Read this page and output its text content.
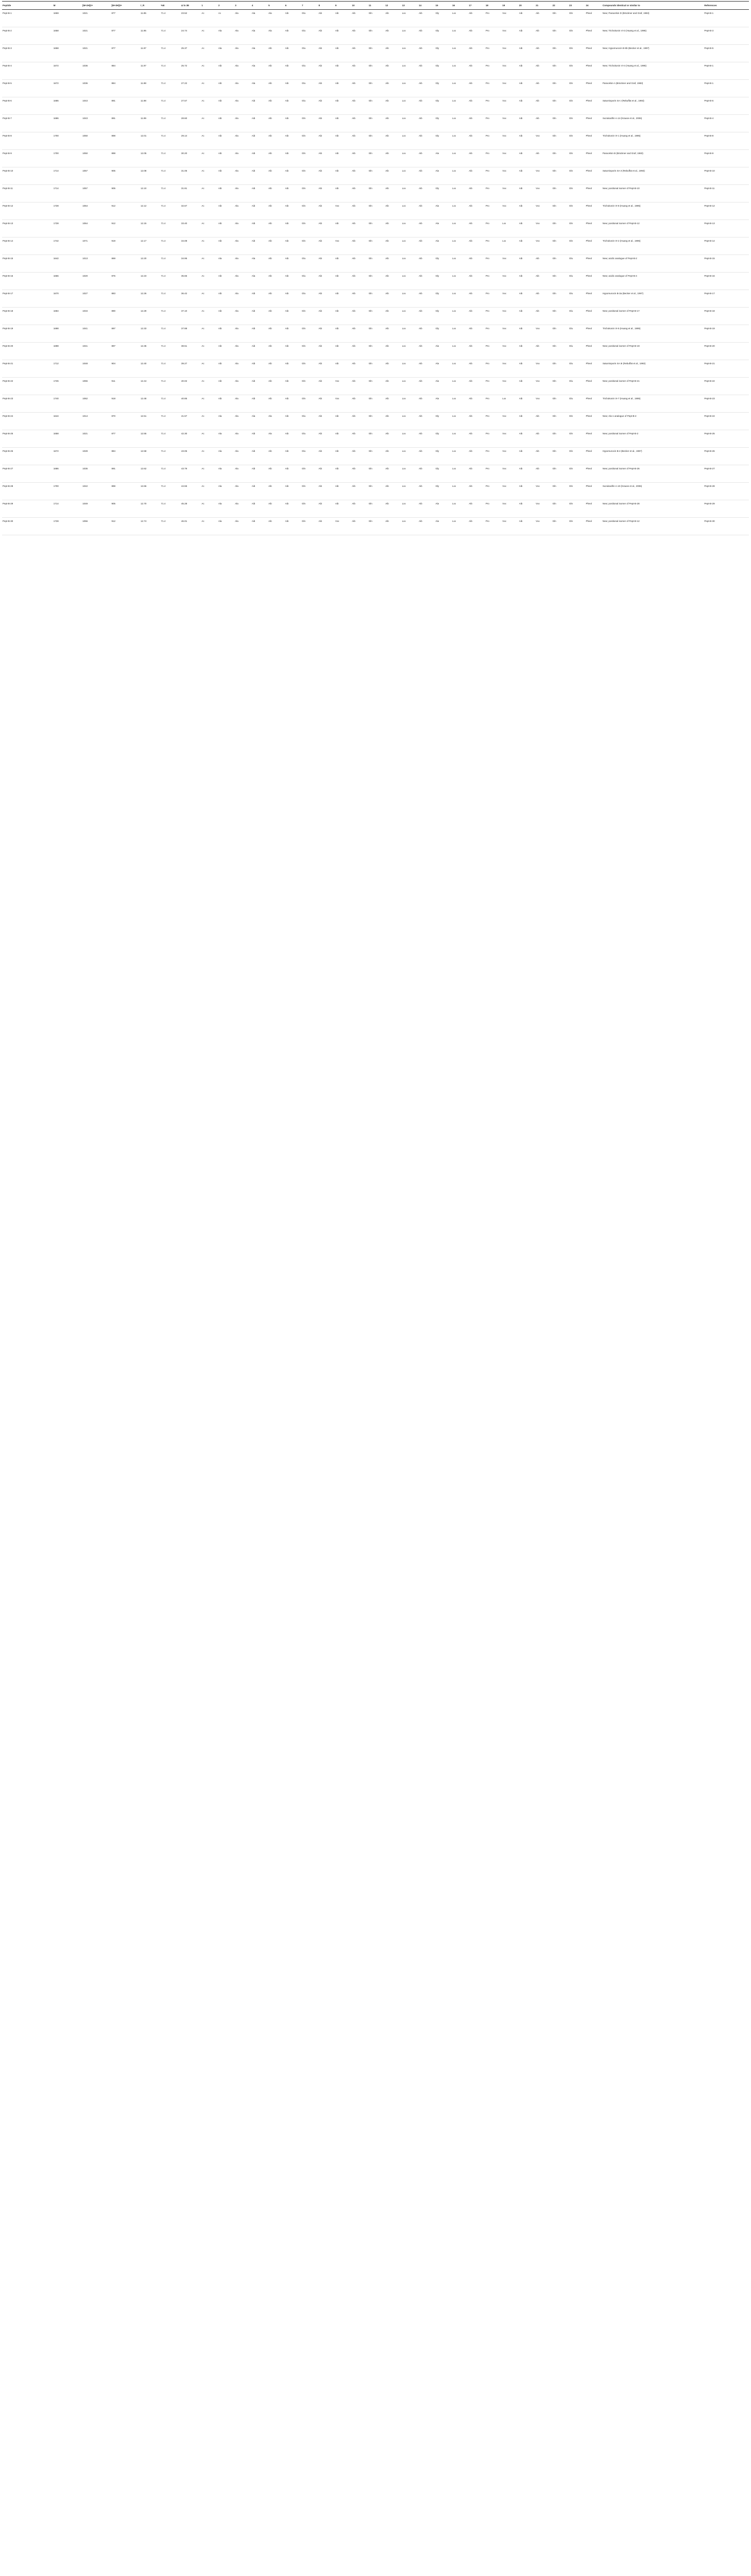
Peptide	M	[M+2H]2+	[M+3H]3+	t_R	%E	Δ lo 3E	1	2	3	4	5	6	7	8	9	10	11	12	13	14	15	16	17	18	19	20	21	22	23	24	Compounds identical or similar to	References
Pept-B-1	1659	1021	877	11.85	71.4	23.52	Ac	Ac	Ala	Ala	Ala	Aib	Glu	Aib	Aib	Aib	Gln	Aib	Lxx	Aib	Gly	Lxx	Aib	Pro	Vxx	Aib	Aib	Gln	Gln	Pheol	New; Paracelsin D (Brückner and Graf, 1983)	Pept-B-1
Pept-B-2	1658	1021	877	11.95	71.4	24.74	Ac	Ala	Ala	Ala	Ala	Aib	Glu	Aib	Aib	Aib	Gln	Aib	Lxx	Aib	Gly	Lxx	Aib	Pro	Vxx	Aib	Aib	Gln	Gln	Pheol	New; Trichokonin VI-3 (Huang et al., 1995)	Pept-B-3
Pept-B-3	1658	1021	877	11.97	71.4	25.37	Ac	Ala	Ala	Ala	Aib	Aib	Glu	Aib	Aib	Aib	Gln	Aib	Lxx	Aib	Gly	Lxx	Aib	Pro	Vxx	Aib	Aib	Gln	Gln	Pheol	New; Hypomurocin B-5b (Becker et al., 1997)	Pept-B-5
Pept-B-4	1672	1036	884	11.97	71.4	25.72	Ac	Aib	Ala	Ala	Aib	Aib	Glu	Aib	Aib	Aib	Gln	Aib	Lxx	Aib	Gly	Lxx	Aib	Pro	Vxx	Aib	Aib	Gln	Gln	Pheol	New; Trichokonin VI-4 (Huang et al., 1995)	Pept-B-1
Pept-B-5	1672	1036	884	11.98	71.4	27.22	Ac	Aib	Ala	Ala	Aib	Aib	Glu	Aib	Aib	Aib	Gln	Aib	Lxx	Aib	Gly	Lxx	Aib	Pro	Vxx	Aib	Aib	Gln	Gln	Pheol	Paracelsin A (Brückner and Graf, 1983)	Pept-B-1
Pept-B-6	1686	1043	891	11.98	71.4	27.57	Ac	Aib	Ala	Aib	Aib	Aib	Glu	Aib	Aib	Aib	Gln	Aib	Lxx	Aib	Gly	Lxx	Aib	Pro	Vxx	Aib	Aib	Gln	Gln	Pheol	Saturnisporin SA I (Rebuffat et al., 1993)	Pept-B-6
Pept-B-7	1686	1043	891	11.99	71.4	28.60	Ac	Aib	Ala	Aib	Aib	Aib	Gln	Aib	Aib	Aib	Gln	Aib	Lxx	Aib	Gly	Lxx	Aib	Pro	Vxx	Aib	Aib	Gln	Gln	Pheol	Suzukacillin A-14 (Krause et al., 2006)	Pept-B-4
Pept-B-8	1700	1050	898	12.01	71.4	29.14	Ac	Aib	Ala	Aib	Aib	Aib	Gln	Aib	Aib	Aib	Gln	Aib	Lxx	Aib	Gly	Lxx	Aib	Pro	Vxx	Aib	Vxx	Gln	Gln	Pheol	Trichokonin VI-1 (Huang et al., 1995)	Pept-B-8
Pept-B-9	1700	1050	898	12.05	71.4	30.20	Ac	Aib	Ala	Aib	Aib	Aib	Gln	Aib	Aib	Aib	Gln	Aib	Lxx	Aib	Ala	Lxx	Aib	Pro	Vxx	Aib	Aib	Gln	Gln	Pheol	Paracelsin B (Brückner and Graf, 1983)	Pept-B-9
Pept-B-10	1714	1057	905	12.08	71.4	31.05	Ac	Aib	Ala	Aib	Aib	Aib	Gln	Aib	Aib	Aib	Gln	Aib	Lxx	Aib	Ala	Lxx	Aib	Pro	Vxx	Aib	Vxx	Gln	Gln	Pheol	Saturnisporin SA II (Rebuffat et al., 1993)	Pept-B-10
Pept-B-11	1714	1057	905	12.10	71.4	31.81	Ac	Aib	Ala	Aib	Aib	Aib	Gln	Aib	Aib	Aib	Gln	Aib	Lxx	Aib	Gly	Lxx	Aib	Pro	Vxx	Aib	Vxx	Gln	Gln	Pheol	New; positional isomer of Pept-B-10	Pept-B-11
Pept-B-12	1728	1064	912	12.12	71.4	32.67	Ac	Aib	Ala	Aib	Aib	Aib	Gln	Aib	Vxx	Aib	Gln	Aib	Lxx	Aib	Ala	Lxx	Aib	Pro	Vxx	Aib	Vxx	Gln	Gln	Pheol	Trichokonin VI-8 (Huang et al., 1995)	Pept-B-12
Pept-B-13	1728	1064	912	12.15	71.4	33.40	Ac	Aib	Ala	Aib	Aib	Aib	Gln	Aib	Aib	Aib	Gln	Aib	Lxx	Aib	Ala	Lxx	Aib	Pro	Lxx	Aib	Vxx	Gln	Gln	Pheol	New; positional isomer of Pept-B-12	Pept-B-13
Pept-B-14	1742	1071	919	12.17	71.4	34.08	Ac	Aib	Ala	Aib	Aib	Aib	Gln	Aib	Vxx	Aib	Gln	Aib	Lxx	Aib	Ala	Lxx	Aib	Pro	Lxx	Aib	Vxx	Gln	Gln	Pheol	Trichokonin VI-2 (Huang et al., 1995)	Pept-B-14
Pept-B-15	1642	1013	869	12.20	71.4	34.95	Ac	Ala	Ala	Ala	Aib	Aib	Glu	Aib	Aib	Aib	Gln	Aib	Lxx	Aib	Gly	Lxx	Aib	Pro	Vxx	Aib	Aib	Gln	Glu	Pheol	New; acidic analogue of Pept-B-2	Pept-B-15
Pept-B-16	1656	1020	876	12.23	71.4	35.66	Ac	Aib	Ala	Ala	Aib	Aib	Glu	Aib	Aib	Aib	Gln	Aib	Lxx	Aib	Gly	Lxx	Aib	Pro	Vxx	Aib	Aib	Gln	Glu	Pheol	New; acidic analogue of Pept-B-4	Pept-B-16
Pept-B-17	1670	1027	883	12.26	71.4	36.42	Ac	Aib	Ala	Aib	Aib	Aib	Glu	Aib	Aib	Aib	Gln	Aib	Lxx	Aib	Gly	Lxx	Aib	Pro	Vxx	Aib	Aib	Gln	Glu	Pheol	Hypomurocin B-3a (Becker et al., 1997)	Pept-B-17
Pept-B-18	1684	1034	890	12.29	71.4	37.10	Ac	Aib	Ala	Aib	Aib	Aib	Gln	Aib	Aib	Aib	Gln	Aib	Lxx	Aib	Gly	Lxx	Aib	Pro	Vxx	Aib	Aib	Gln	Glu	Pheol	New; positional isomer of Pept-B-17	Pept-B-18
Pept-B-19	1698	1041	897	12.33	71.4	37.88	Ac	Aib	Ala	Aib	Aib	Aib	Gln	Aib	Aib	Aib	Gln	Aib	Lxx	Aib	Gly	Lxx	Aib	Pro	Vxx	Aib	Vxx	Gln	Glu	Pheol	Trichokonin VI-5 (Huang et al., 1995)	Pept-B-19
Pept-B-20	1698	1041	897	12.36	71.4	38.51	Ac	Aib	Ala	Aib	Aib	Aib	Gln	Aib	Aib	Aib	Gln	Aib	Lxx	Aib	Ala	Lxx	Aib	Pro	Vxx	Aib	Aib	Gln	Glu	Pheol	New; positional isomer of Pept-B-19	Pept-B-20
Pept-B-21	1712	1048	904	12.40	71.4	39.27	Ac	Aib	Ala	Aib	Aib	Aib	Gln	Aib	Aib	Aib	Gln	Aib	Lxx	Aib	Ala	Lxx	Aib	Pro	Vxx	Aib	Vxx	Gln	Glu	Pheol	Saturnisporin SA III (Rebuffat et al., 1993)	Pept-B-21
Pept-B-22	1726	1055	911	12.44	71.4	40.02	Ac	Aib	Ala	Aib	Aib	Aib	Gln	Aib	Vxx	Aib	Gln	Aib	Lxx	Aib	Ala	Lxx	Aib	Pro	Vxx	Aib	Vxx	Gln	Glu	Pheol	New; positional isomer of Pept-B-21	Pept-B-22
Pept-B-23	1740	1062	918	12.48	71.4	40.85	Ac	Aib	Ala	Aib	Aib	Aib	Gln	Aib	Vxx	Aib	Gln	Aib	Lxx	Aib	Ala	Lxx	Aib	Pro	Lxx	Aib	Vxx	Gln	Glu	Pheol	Trichokonin VI-7 (Huang et al., 1995)	Pept-B-23
Pept-B-24	1644	1014	870	12.51	71.4	41.57	Ac	Ala	Ala	Ala	Ala	Aib	Glu	Aib	Aib	Aib	Gln	Aib	Lxx	Aib	Gly	Lxx	Aib	Pro	Vxx	Aib	Aib	Gln	Gln	Pheol	New; Ala-1 analogue of Pept-B-2	Pept-B-24
Pept-B-25	1658	1021	877	12.55	71.4	42.30	Ac	Ala	Ala	Aib	Ala	Aib	Glu	Aib	Aib	Aib	Gln	Aib	Lxx	Aib	Gly	Lxx	Aib	Pro	Vxx	Aib	Aib	Gln	Gln	Pheol	New; positional isomer of Pept-B-2	Pept-B-25
Pept-B-26	1672	1028	884	12.58	71.4	43.06	Ac	Ala	Ala	Aib	Aib	Aib	Glu	Aib	Aib	Aib	Gln	Aib	Lxx	Aib	Gly	Lxx	Aib	Pro	Vxx	Aib	Aib	Gln	Gln	Pheol	Hypomurocin B-4 (Becker et al., 1997)	Pept-B-26
Pept-B-27	1686	1035	891	12.62	71.4	43.79	Ac	Ala	Ala	Aib	Aib	Aib	Gln	Aib	Aib	Aib	Gln	Aib	Lxx	Aib	Gly	Lxx	Aib	Pro	Vxx	Aib	Aib	Gln	Gln	Pheol	New; positional isomer of Pept-B-26	Pept-B-27
Pept-B-28	1700	1042	898	12.66	71.4	44.55	Ac	Ala	Ala	Aib	Aib	Aib	Gln	Aib	Aib	Aib	Gln	Aib	Lxx	Aib	Gly	Lxx	Aib	Pro	Vxx	Aib	Vxx	Gln	Gln	Pheol	Suzukacillin A-10 (Krause et al., 2006)	Pept-B-28
Pept-B-29	1714	1049	905	12.70	71.4	45.28	Ac	Ala	Ala	Aib	Aib	Aib	Gln	Aib	Aib	Aib	Gln	Aib	Lxx	Aib	Ala	Lxx	Aib	Pro	Vxx	Aib	Vxx	Gln	Gln	Pheol	New; positional isomer of Pept-B-28	Pept-B-29
Pept-B-30	1728	1056	912	12.74	71.4	46.01	Ac	Ala	Ala	Aib	Aib	Aib	Gln	Aib	Vxx	Aib	Gln	Aib	Lxx	Aib	Ala	Lxx	Aib	Pro	Vxx	Aib	Vxx	Gln	Gln	Pheol	New; positional isomer of Pept-B-12	Pept-B-30
